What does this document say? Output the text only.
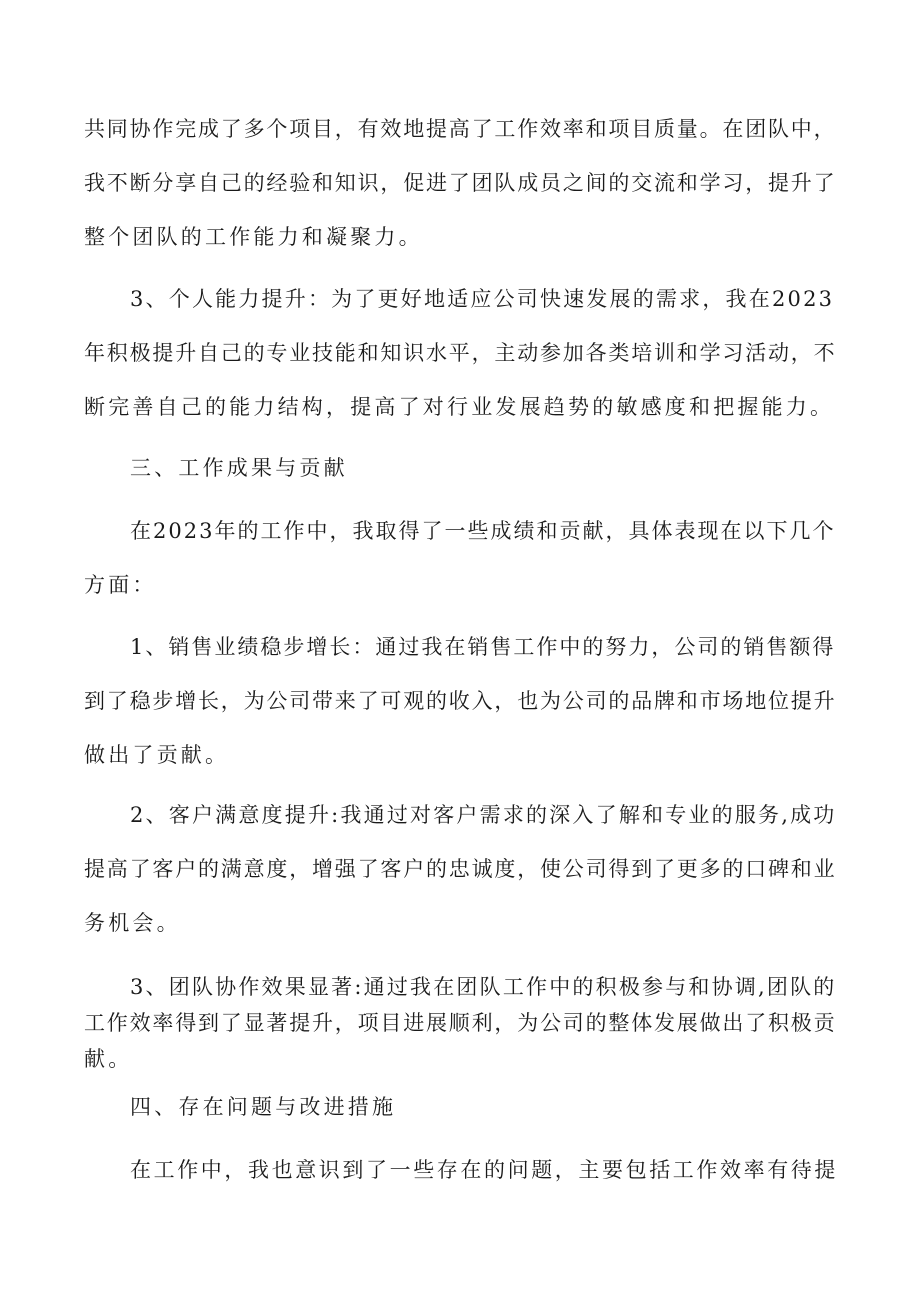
共同协作完成了多个项目，有效地提高了工作效率和项目质量。在团队中，
我不断分享自己的经验和知识，促进了团队成员之间的交流和学习，提升了
整个团队的工作能力和凝聚力。
3、个人能力提升：为了更好地适应公司快速发展的需求，我在2023
年积极提升自己的专业技能和知识水平，主动参加各类培训和学习活动，不
断完善自己的能力结构，提高了对行业发展趋势的敏感度和把握能力。
三、工作成果与贡献
在2023年的工作中，我取得了一些成绩和贡献，具体表现在以下几个
方面：
1、销售业绩稳步增长：通过我在销售工作中的努力，公司的销售额得
到了稳步增长，为公司带来了可观的收入，也为公司的品牌和市场地位提升
做出了贡献。
2、客户满意度提升:我通过对客户需求的深入了解和专业的服务,成功
提高了客户的满意度，增强了客户的忠诚度，使公司得到了更多的口碑和业
务机会。
3、团队协作效果显著:通过我在团队工作中的积极参与和协调,团队的
工作效率得到了显著提升，项目进展顺利，为公司的整体发展做出了积极贡
献。
四、存在问题与改进措施
在工作中，我也意识到了一些存在的问题，主要包括工作效率有待提
